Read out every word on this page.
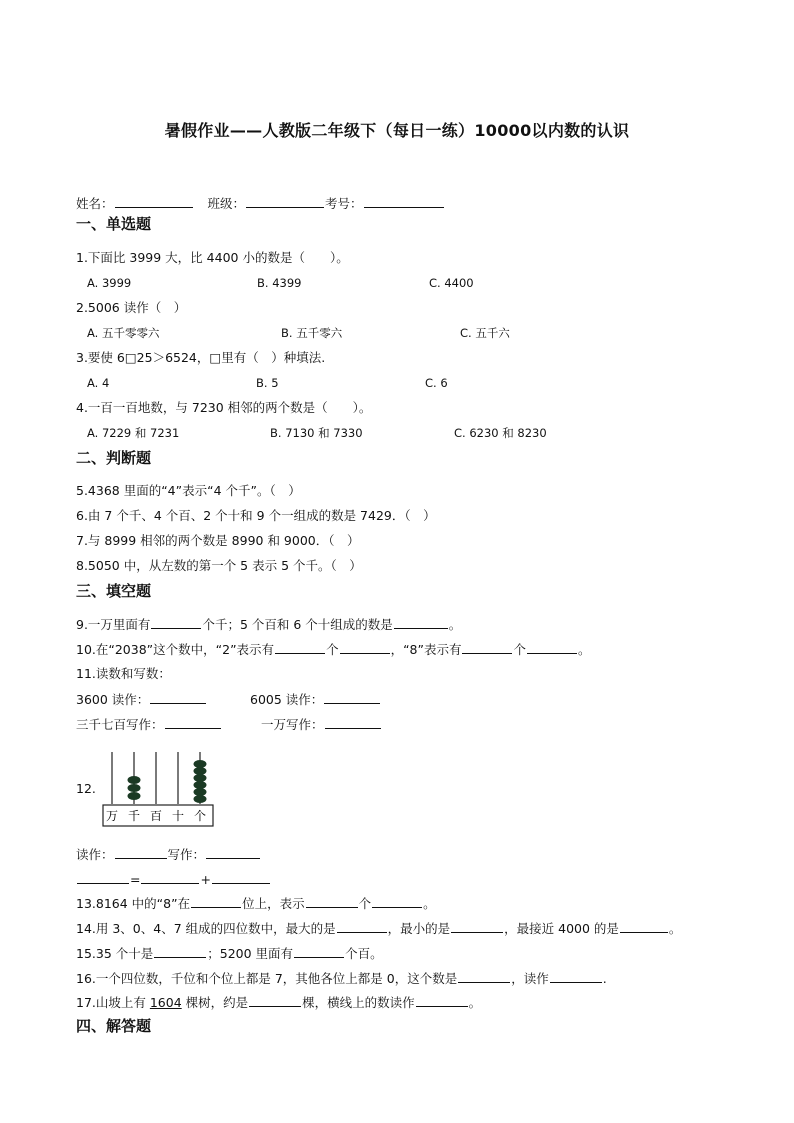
暑假作业——人教版二年级下（每日一练）10000以内数的认识
姓名：	班级：	考号：
一、单选题
1.下面比 3999 大，比 4400 小的数是（　　）。
A. 3999	B. 4399	C. 4400
2.5006 读作（　）
A. 五千零零六	B. 五千零六	C. 五千六
3.要使 6□25＞6524，□里有（　）种填法.
A. 4	B. 5	C. 6
4.一百一百地数，与 7230 相邻的两个数是（　　）。
A. 7229 和 7231	B. 7130 和 7330	C. 6230 和 8230
二、判断题
5.4368 里面的“4”表示“4 个千”。（　）
6.由 7 个千、4 个百、2 个十和 9 个一组成的数是 7429．（　）
7.与 8999 相邻的两个数是 8990 和 9000．（　）
8.5050 中，从左数的第一个 5 表示 5 个千。（　）
三、填空题
9.一万里面有	个千；5 个百和 6 个十组成的数是	。
10.在“2038”这个数中，“2”表示有	个	，“8”表示有	个	。
11.读数和写数：
3600 读作：	6005 读作：
三千七百写作：	一万写作：
12.
万 千 百 十 个
读作：	写作：
=	+
13.8164 中的“8”在	位上，表示	个	。
14.用 3、0、4、7 组成的四位数中，最大的是	，最小的是	，最接近 4000 的是	。
15.35 个十是	；5200 里面有	个百。
16.一个四位数，千位和个位上都是 7，其他各位上都是 0，这个数是	，读作	.
17.山坡上有 1604 棵树，约是	棵，横线上的数读作	。
四、解答题
